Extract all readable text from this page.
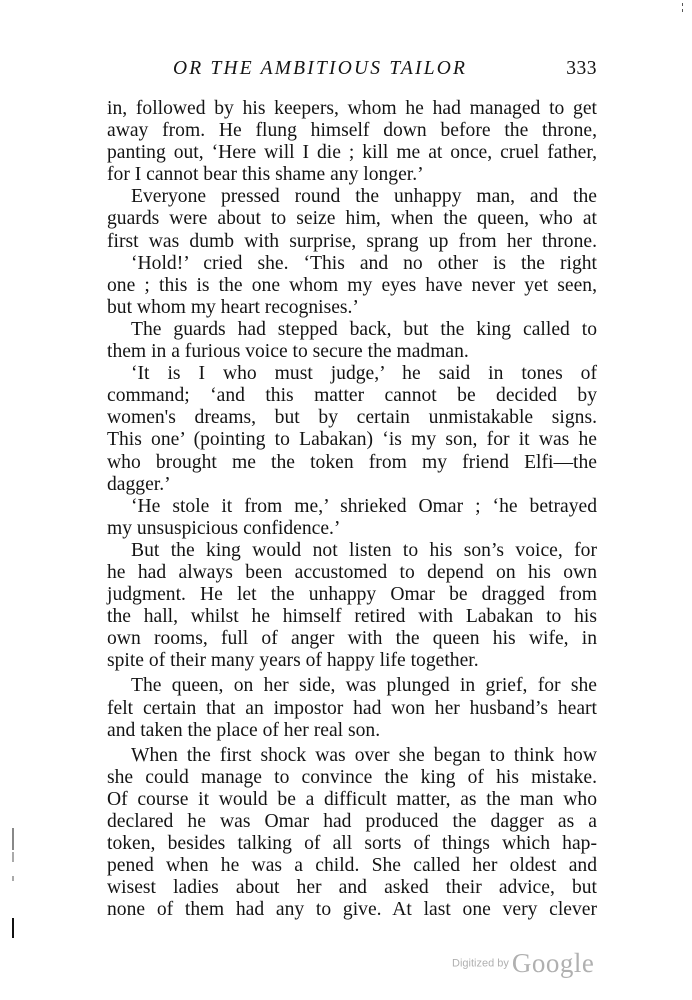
OR THE AMBITIOUS TAILOR	333
in, followed by his keepers, whom he had managed to get
away from. He flung himself down before the throne,
panting out, ‘Here will I die ; kill me at once, cruel father,
for I cannot bear this shame any longer.’
Everyone pressed round the unhappy man, and the
guards were about to seize him, when the queen, who at
first was dumb with surprise, sprang up from her throne.
‘Hold!’ cried she. ‘This and no other is the right
one ; this is the one whom my eyes have never yet seen,
but whom my heart recognises.’
The guards had stepped back, but the king called to
them in a furious voice to secure the madman.
‘It is I who must judge,’ he said in tones of
command; ‘and this matter cannot be decided by
women's dreams, but by certain unmistakable signs.
This one’ (pointing to Labakan) ‘is my son, for it was he
who brought me the token from my friend Elfi—the
dagger.’
‘He stole it from me,’ shrieked Omar ; ‘he betrayed
my unsuspicious confidence.’
But the king would not listen to his son’s voice, for
he had always been accustomed to depend on his own
judgment. He let the unhappy Omar be dragged from
the hall, whilst he himself retired with Labakan to his
own rooms, full of anger with the queen his wife, in
spite of their many years of happy life together.
The queen, on her side, was plunged in grief, for she
felt certain that an impostor had won her husband’s heart
and taken the place of her real son.
When the first shock was over she began to think how
she could manage to convince the king of his mistake.
Of course it would be a difficult matter, as the man who
declared he was Omar had produced the dagger as a
token, besides talking of all sorts of things which hap-
pened when he was a child. She called her oldest and
wisest ladies about her and asked their advice, but
none of them had any to give. At last one very clever
Digitized by Google
